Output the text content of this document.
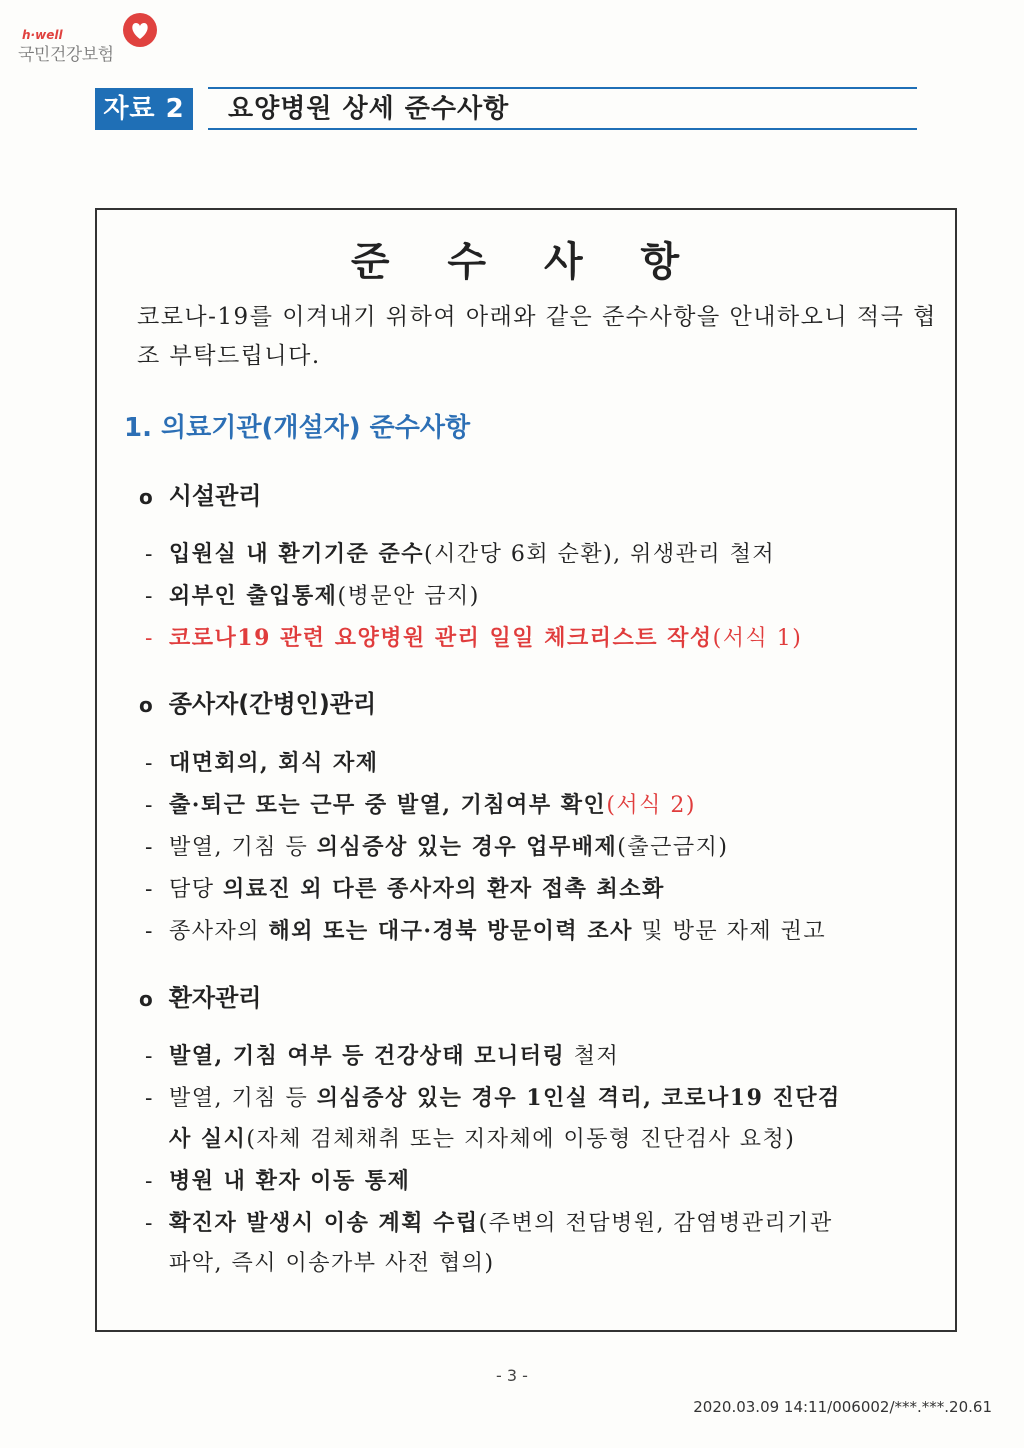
h·well
국민건강보험
자료 2	요양병원 상세 준수사항
준 수 사 항
코로나-19를 이겨내기 위하여 아래와 같은 준수사항을 안내하오니 적극 협조 부탁드립니다.
1. 의료기관(개설자) 준수사항
o 시설관리
- 입원실 내 환기기준 준수(시간당 6회 순환), 위생관리 철저
- 외부인 출입통제(병문안 금지)
- 코로나19 관련 요양병원 관리 일일 체크리스트 작성(서식 1)
o 종사자(간병인)관리
- 대면회의, 회식 자제
- 출·퇴근 또는 근무 중 발열, 기침여부 확인(서식 2)
- 발열, 기침 등 의심증상 있는 경우 업무배제(출근금지)
- 담당 의료진 외 다른 종사자의 환자 접촉 최소화
- 종사자의 해외 또는 대구·경북 방문이력 조사 및 방문 자제 권고
o 환자관리
- 발열, 기침 여부 등 건강상태 모니터링 철저
- 발열, 기침 등 의심증상 있는 경우 1인실 격리, 코로나19 진단검
사 실시(자체 검체채취 또는 지자체에 이동형 진단검사 요청)
- 병원 내 환자 이동 통제
- 확진자 발생시 이송 계획 수립(주변의 전담병원, 감염병관리기관
파악, 즉시 이송가부 사전 협의)
- 3 -
2020.03.09 14:11/006002/***.***.20.61
